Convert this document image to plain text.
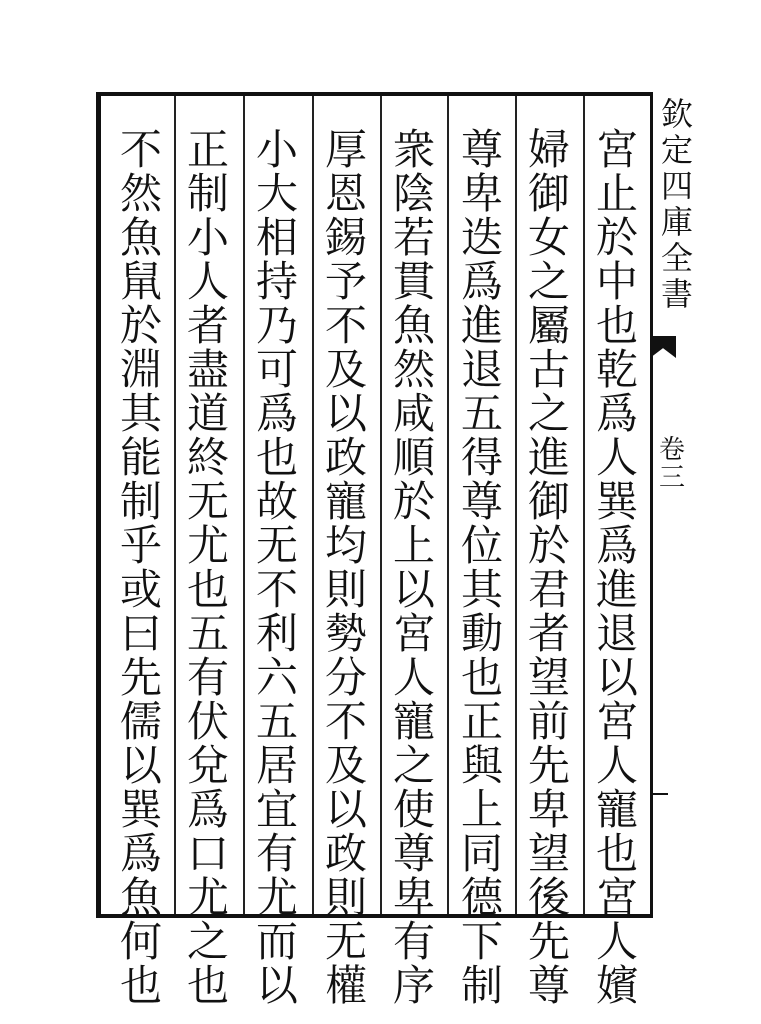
宮
止
於
中
也
乾
爲
人
巽
爲
進
退
以
宮
人
寵
也
宮
人
嬪
婦
御
女
之
屬
古
之
進
御
於
君
者
望
前
先
卑
望
後
先
尊
尊
卑
迭
爲
進
退
五
得
尊
位
其
動
也
正
與
上
同
德
下
制
衆
陰
若
貫
魚
然
咸
順
於
上
以
宮
人
寵
之
使
尊
卑
有
序
厚
恩
錫
予
不
及
以
政
寵
均
則
勢
分
不
及
以
政
則
无
權
小
大
相
持
乃
可
爲
也
故
无
不
利
六
五
居
宜
有
尤
而
以
正
制
小
人
者
盡
道
終
无
尤
也
五
有
伏
兌
爲
口
尤
之
也
不
然
魚
䑕
於
淵
其
能
制
乎
或
曰
先
儒
以
巽
爲
魚
何
也
欽
定
四
庫
全
書
卷
三
